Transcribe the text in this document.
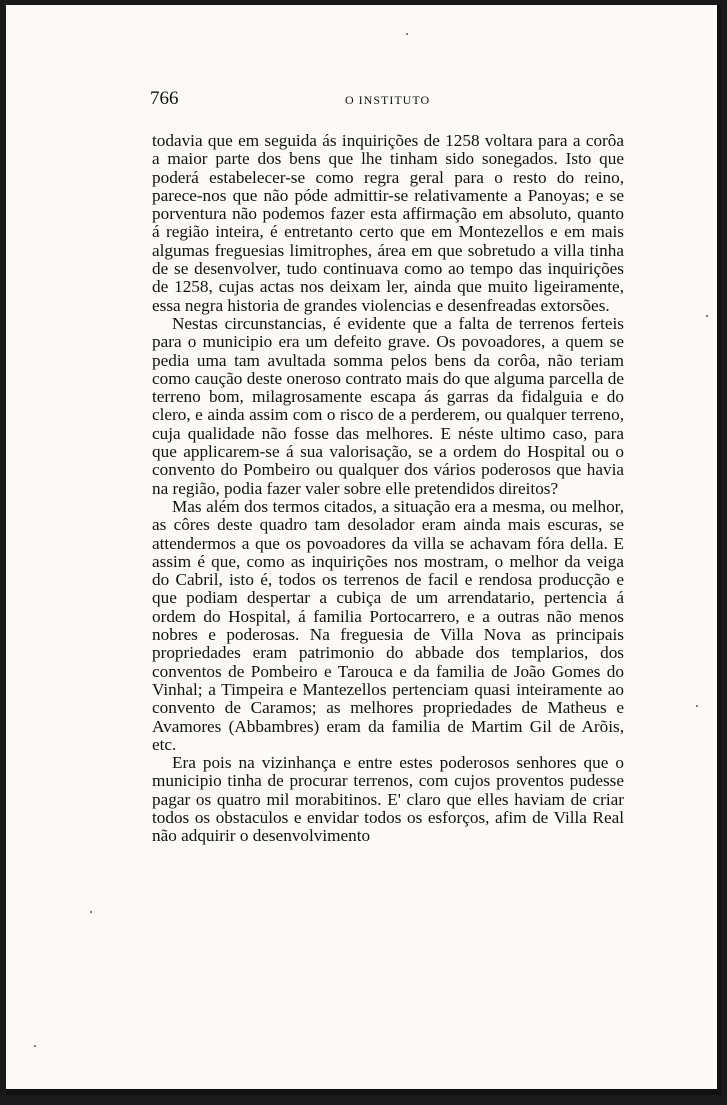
766	O INSTITUTO

todavia que em seguida ás inquirições de 1258 voltara para a corôa a maior parte dos bens que lhe tinham sido sonegados. Isto que poderá estabelecer-se como regra geral para o resto do reino, parece-nos que não póde admittir-se relativamente a Panoyas; e se porventura não podemos fazer esta affirmação em absoluto, quanto á região inteira, é entretanto certo que em Montezellos e em mais algumas freguesias limitrophes, área em que sobretudo a villa tinha de se desenvolver, tudo continuava como ao tempo das inquirições de 1258, cujas actas nos deixam ler, ainda que muito ligeiramente, essa negra historia de grandes violencias e desenfreadas extorsões.

Nestas circunstancias, é evidente que a falta de terrenos ferteis para o municipio era um defeito grave. Os povoadores, a quem se pedia uma tam avultada somma pelos bens da corôa, não teriam como caução deste oneroso contrato mais do que alguma parcella de terreno bom, milagrosamente escapa ás garras da fidalguia e do clero, e ainda assim com o risco de a perderem, ou qualquer terreno, cuja qualidade não fosse das melhores. E néste ultimo caso, para que applicarem-se á sua valorisação, se a ordem do Hospital ou o convento do Pombeiro ou qualquer dos vários poderosos que havia na região, podia fazer valer sobre elle pretendidos direitos?

Mas além dos termos citados, a situação era a mesma, ou melhor, as côres deste quadro tam desolador eram ainda mais escuras, se attendermos a que os povoadores da villa se achavam fóra della. E assim é que, como as inquirições nos mostram, o melhor da veiga do Cabril, isto é, todos os terrenos de facil e rendosa producção e que podiam despertar a cubiça de um arrendatario, pertencia á ordem do Hospital, á familia Portocarrero, e a outras não menos nobres e poderosas. Na freguesia de Villa Nova as principais propriedades eram patrimonio do abbade dos templarios, dos conventos de Pombeiro e Tarouca e da familia de João Gomes do Vinhal; a Timpeira e Mantezellos pertenciam quasi inteiramente ao convento de Caramos; as melhores propriedades de Matheus e Avamores (Abbambres) eram da familia de Martim Gil de Arõis, etc.

Era pois na vizinhança e entre estes poderosos senhores que o municipio tinha de procurar terrenos, com cujos proventos pudesse pagar os quatro mil morabitinos. E' claro que elles haviam de criar todos os obstaculos e envidar todos os esforços, afim de Villa Real não adquirir o desenvolvimento
